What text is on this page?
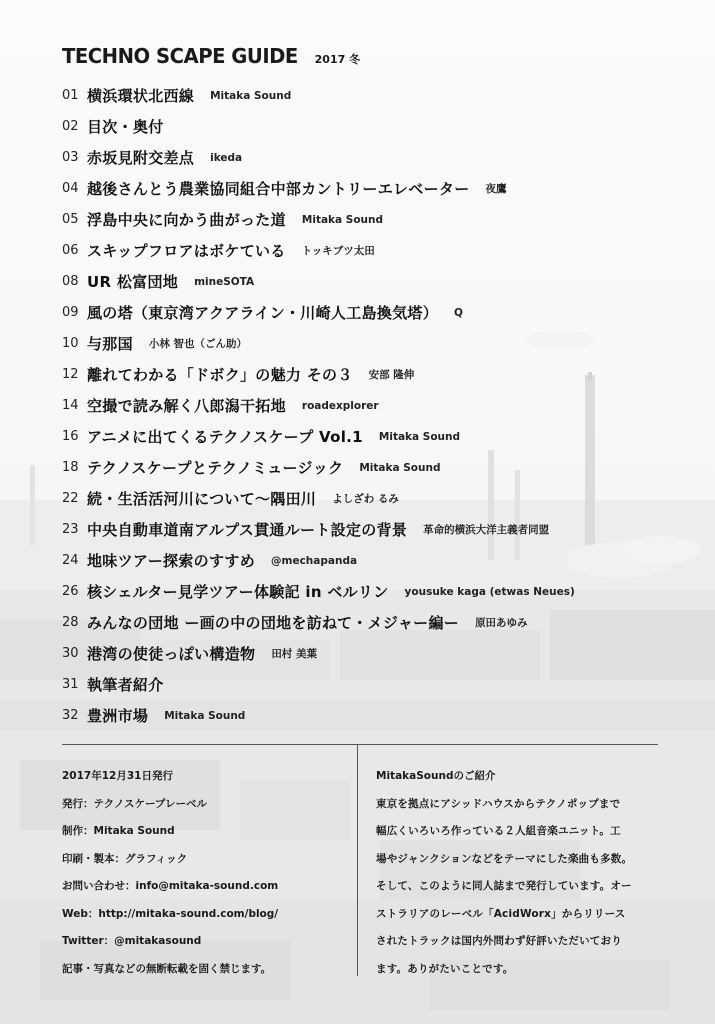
TECHNO SCAPE GUIDE 2017 冬
01 横浜環状北西線 Mitaka Sound
02 目次・奥付
03 赤坂見附交差点 ikeda
04 越後さんとう農業協同組合中部カントリーエレベーター 夜鷹
05 浮島中央に向かう曲がった道 Mitaka Sound
06 スキップフロアはボケている トッキブツ太田
08 UR 松富団地 mineSOTA
09 風の塔（東京湾アクアライン・川崎人工島換気塔） Q
10 与那国 小林 智也（ごん助）
12 離れてわかる「ドボク」の魅力 その３ 安部 隆伸
14 空撮で読み解く八郎潟干拓地 roadexplorer
16 アニメに出てくるテクノスケープ Vol.1 Mitaka Sound
18 テクノスケープとテクノミュージック Mitaka Sound
22 続・生活活河川について〜隅田川 よしざわ るみ
23 中央自動車道南アルプス貫通ルート設定の背景 革命的横浜大洋主義者同盟
24 地味ツアー探索のすすめ @mechapanda
26 核シェルター見学ツアー体験記 in ベルリン yousuke kaga (etwas Neues)
28 みんなの団地 ー画の中の団地を訪ねて・メジャー編ー 原田あゆみ
30 港湾の使徒っぽい構造物 田村 美葉
31 執筆者紹介
32 豊洲市場 Mitaka Sound
2017年12月31日発行
発行：テクノスケープレーベル
制作：Mitaka Sound
印刷・製本：グラフィック
お問い合わせ：info@mitaka-sound.com
Web：http://mitaka-sound.com/blog/
Twitter：@mitakasound
記事・写真などの無断転載を固く禁じます。
MitakaSoundのご紹介
東京を拠点にアシッドハウスからテクノポップまで
幅広くいろいろ作っている２人組音楽ユニット。工
場やジャンクションなどをテーマにした楽曲も多数。
そして、このように同人誌まで発行しています。オー
ストラリアのレーベル「AcidWorx」からリリース
されたトラックは国内外問わず好評いただいており
ます。ありがたいことです。
